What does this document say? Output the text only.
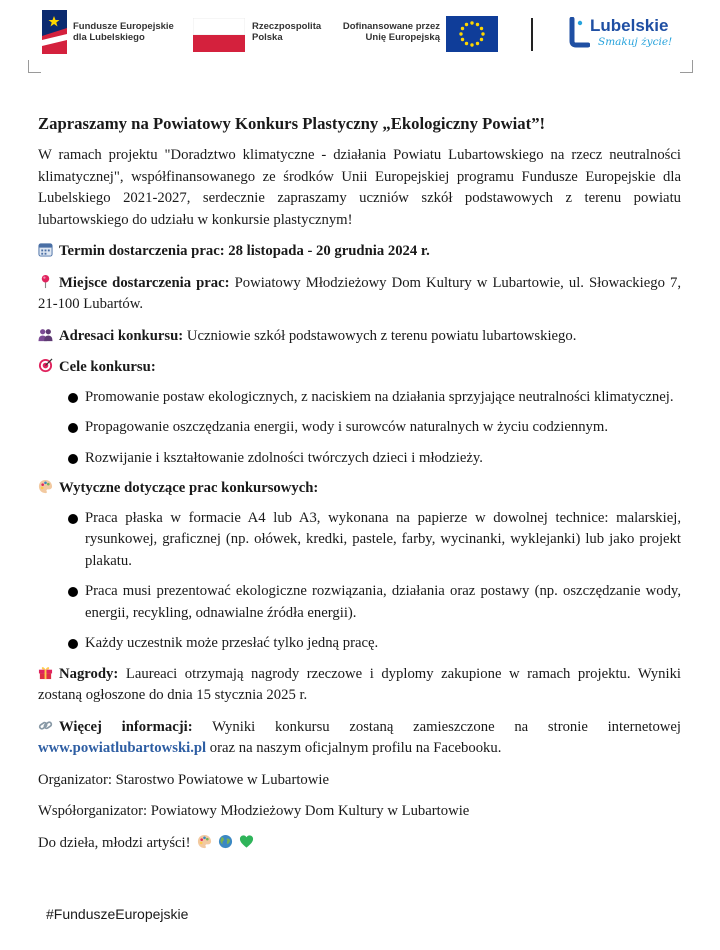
Fundusze Europejskie
dla Lubelskiego
Rzeczpospolita
Polska
Dofinansowane przez
Unię Europejską
Lubelskie
Smakuj życie!
Zapraszamy na Powiatowy Konkurs Plastyczny „Ekologiczny Powiat”!

W ramach projektu "Doradztwo klimatyczne - działania Powiatu Lubartowskiego na rzecz neutralności klimatycznej", współfinansowanego ze środków Unii Europejskiej programu Fundusze Europejskie dla Lubelskiego 2021-2027, serdecznie zapraszamy uczniów szkół podstawowych z terenu powiatu lubartowskiego do udziału w konkursie plastycznym!

Termin dostarczenia prac: 28 listopada - 20 grudnia 2024 r.

Miejsce dostarczenia prac: Powiatowy Młodzieżowy Dom Kultury w Lubartowie, ul. Słowackiego 7, 21-100 Lubartów.

Adresaci konkursu: Uczniowie szkół podstawowych z terenu powiatu lubartowskiego.

Cele konkursu:

Promowanie postaw ekologicznych, z naciskiem na działania sprzyjające neutralności klimatycznej.
Propagowanie oszczędzania energii, wody i surowców naturalnych w życiu codziennym.
Rozwijanie i kształtowanie zdolności twórczych dzieci i młodzieży.

Wytyczne dotyczące prac konkursowych:

Praca płaska w formacie A4 lub A3, wykonana na papierze w dowolnej technice: malarskiej, rysunkowej, graficznej (np. ołówek, kredki, pastele, farby, wycinanki, wyklejanki) lub jako projekt plakatu.
Praca musi prezentować ekologiczne rozwiązania, działania oraz postawy (np. oszczędzanie wody, energii, recykling, odnawialne źródła energii).
Każdy uczestnik może przesłać tylko jedną pracę.

Nagrody: Laureaci otrzymają nagrody rzeczowe i dyplomy zakupione w ramach projektu. Wyniki zostaną ogłoszone do dnia 15 stycznia 2025 r.

Więcej informacji: Wyniki konkursu zostaną zamieszczone na stronie internetowej www.powiatlubartowski.pl oraz na naszym oficjalnym profilu na Facebooku.

Organizator: Starostwo Powiatowe w Lubartowie

Współorganizator: Powiatowy Młodzieżowy Dom Kultury w Lubartowie

Do dzieła, młodzi artyści!

#FunduszeEuropejskie
